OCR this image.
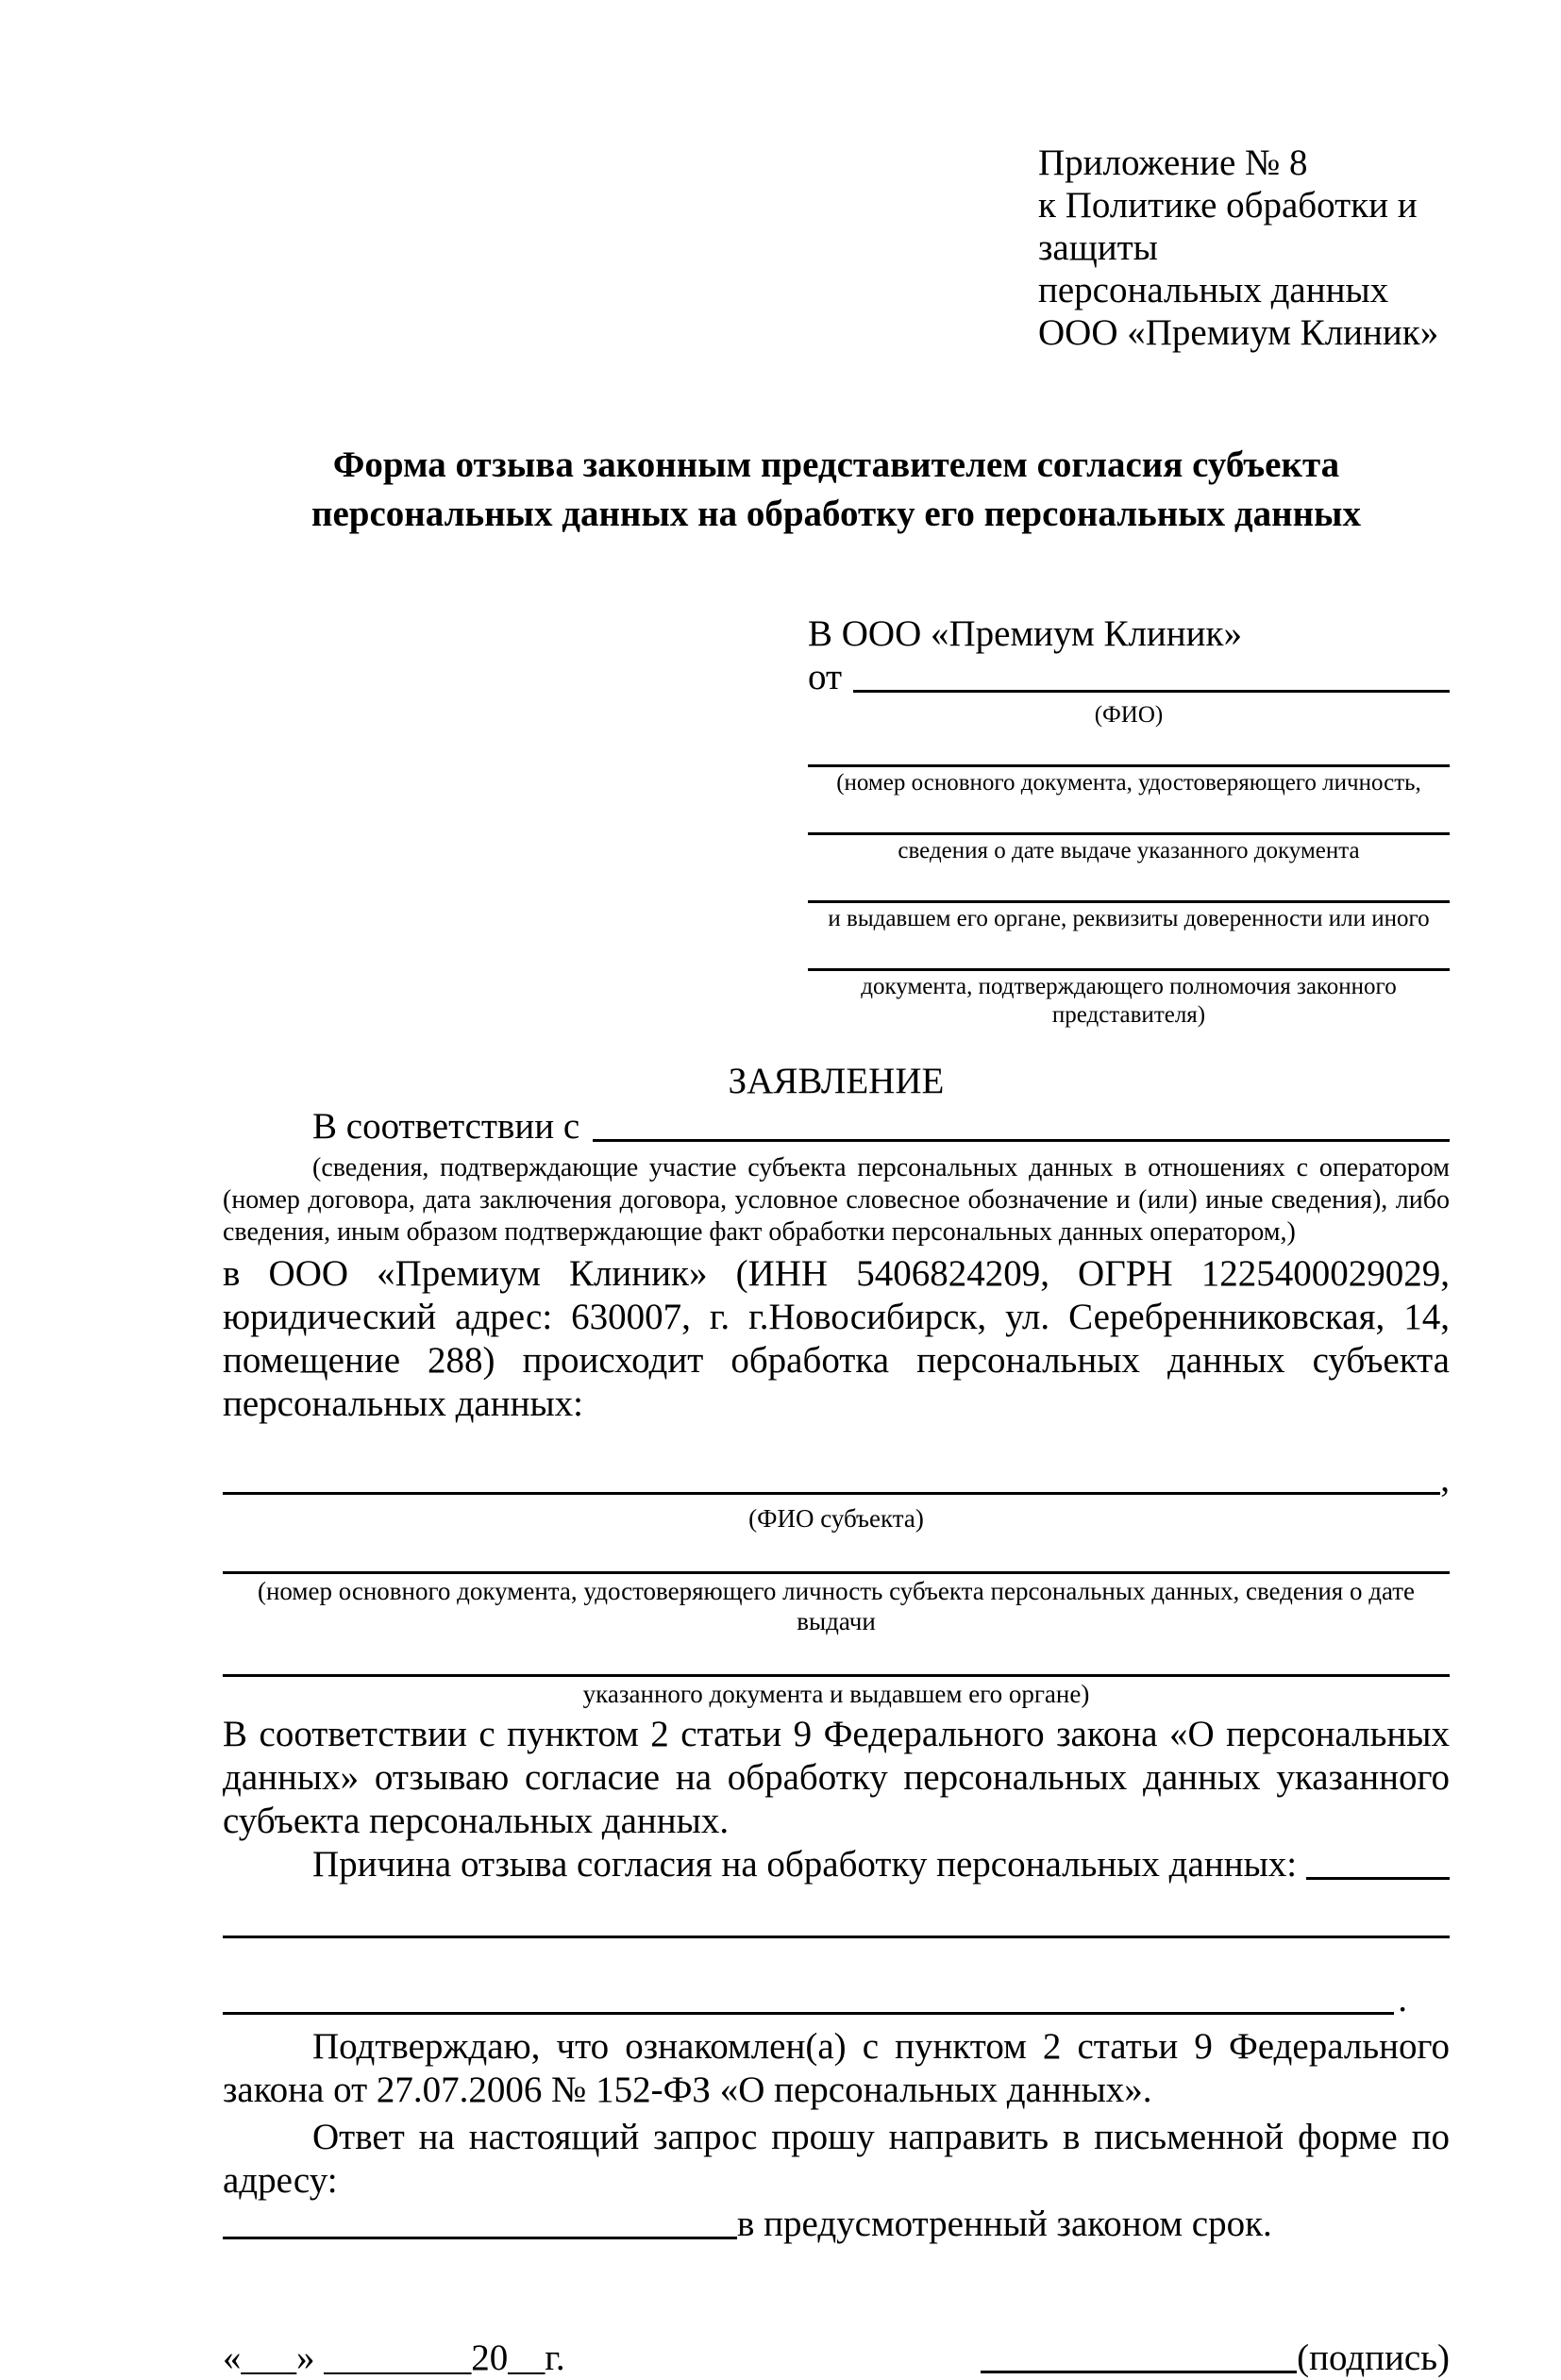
Приложение № 8
к Политике обработки и защиты
персональных данных
ООО «Премиум Клиник»
Форма отзыва законным представителем согласия субъекта
персональных данных на обработку его персональных данных
В ООО «Премиум Клиник»
от
(ФИО)
(номер основного документа, удостоверяющего личность,
сведения о дате выдаче указанного документа
и выдавшем его органе, реквизиты доверенности или иного
документа, подтверждающего полномочия законного представителя)
ЗАЯВЛЕНИЕ
В соответствии с
(сведения, подтверждающие участие субъекта персональных данных в отношениях с оператором (номер договора, дата заключения договора, условное словесное обозначение и (или) иные сведения), либо сведения, иным образом подтверждающие факт обработки персональных данных оператором,)
в ООО «Премиум Клиник» (ИНН 5406824209, ОГРН 1225400029029, юридический адрес: 630007, г. г.Новосибирск, ул. Серебренниковская, 14, помещение 288) происходит обработка персональных данных субъекта персональных данных:
,
(ФИО субъекта)
(номер основного документа, удостоверяющего личность субъекта персональных данных, сведения о дате выдачи
указанного документа и выдавшем его органе)
В соответствии с пунктом 2 статьи 9 Федерального закона «О персональных данных» отзываю согласие на обработку персональных данных указанного субъекта персональных данных.
Причина отзыва согласия на обработку персональных данных:
.
Подтверждаю, что ознакомлен(а) с пунктом 2 статьи 9 Федерального закона от 27.07.2006 № 152-ФЗ «О персональных данных».
Ответ на настоящий запрос прошу направить в письменной форме по адресу:
в предусмотренный законом срок.
«___» ________20__г.	(подпись)
